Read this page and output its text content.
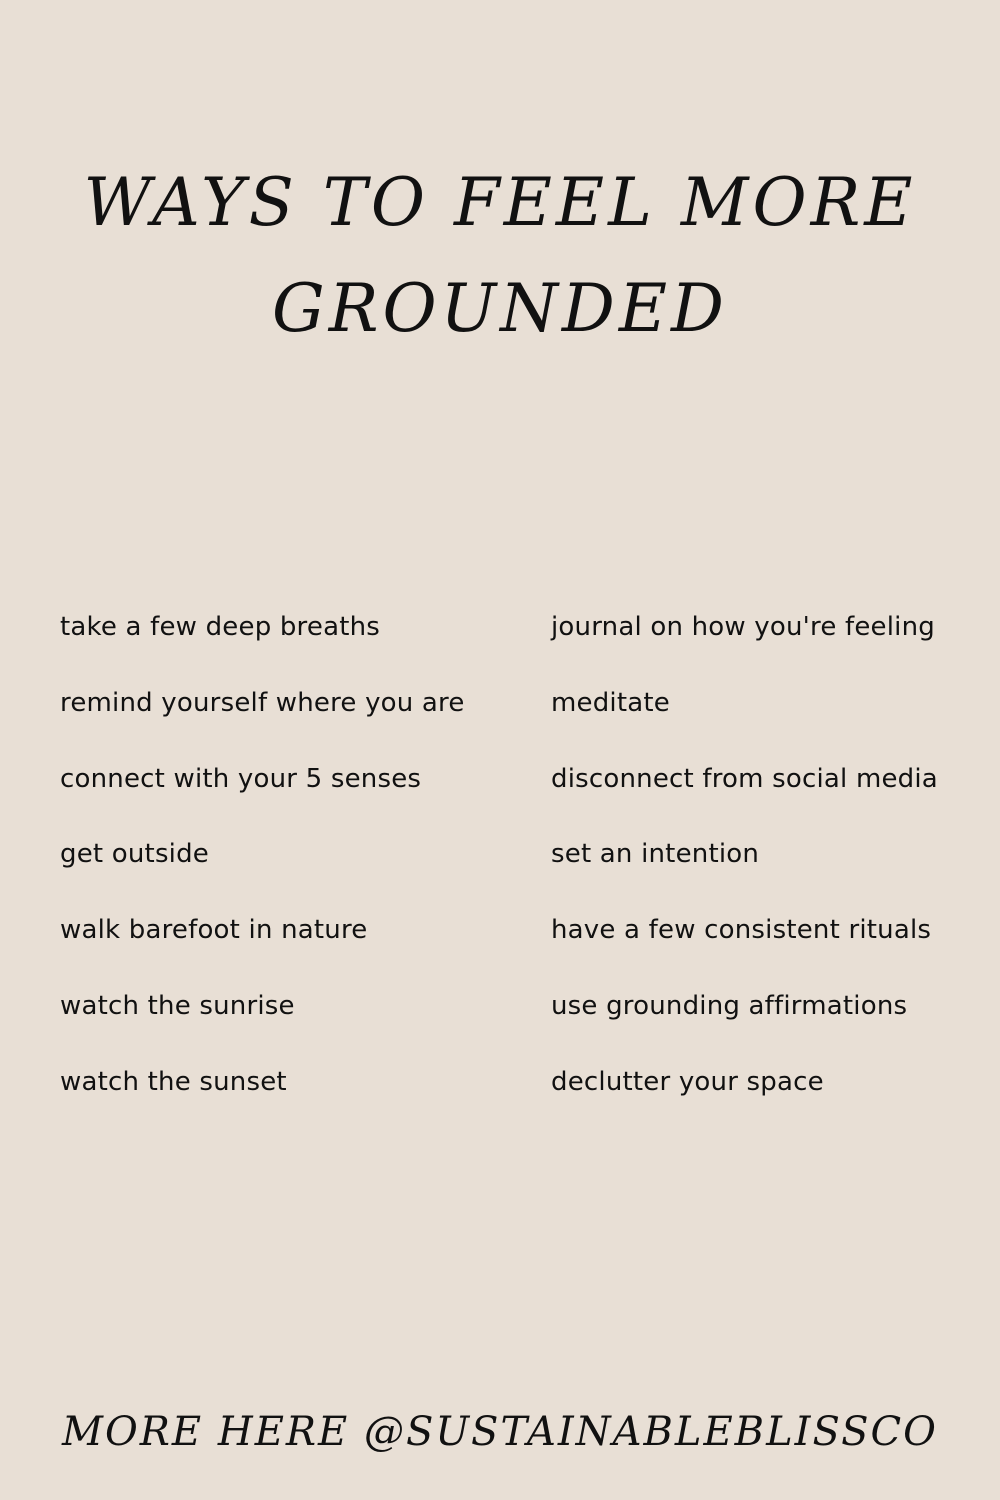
WAYS TO FEEL MORE
GROUNDED
take a few deep breaths
remind yourself where you are
connect with your 5 senses
get outside
walk barefoot in nature
watch the sunrise
watch the sunset
journal on how you're feeling
meditate
disconnect from social media
set an intention
have a few consistent rituals
use grounding affirmations
declutter your space
MORE HERE @SUSTAINABLEBLISSCO
